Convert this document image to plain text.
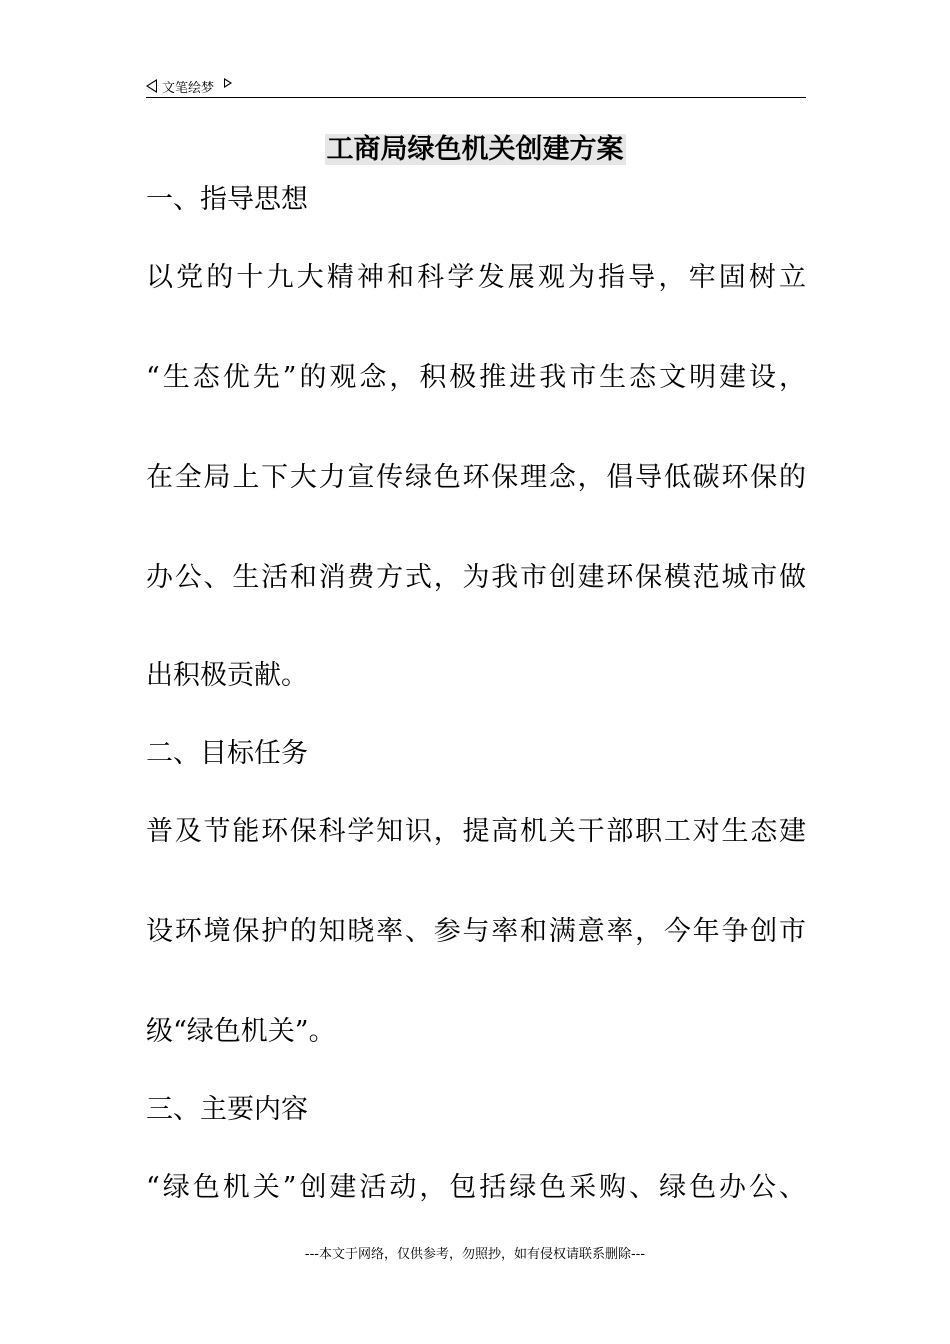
文笔绘梦
工商局绿色机关创建方案
一、指导思想
以党的十九大精神和科学发展观为指导，牢固树立
“生态优先”的观念，积极推进我市生态文明建设，
在全局上下大力宣传绿色环保理念，倡导低碳环保的
办公、生活和消费方式，为我市创建环保模范城市做
出积极贡献。
二、目标任务
普及节能环保科学知识，提高机关干部职工对生态建
设环境保护的知晓率、参与率和满意率，今年争创市
级“绿色机关”。
三、主要内容
“绿色机关”创建活动，包括绿色采购、绿色办公、
---本文于网络，仅供参考，勿照抄，如有侵权请联系删除---
